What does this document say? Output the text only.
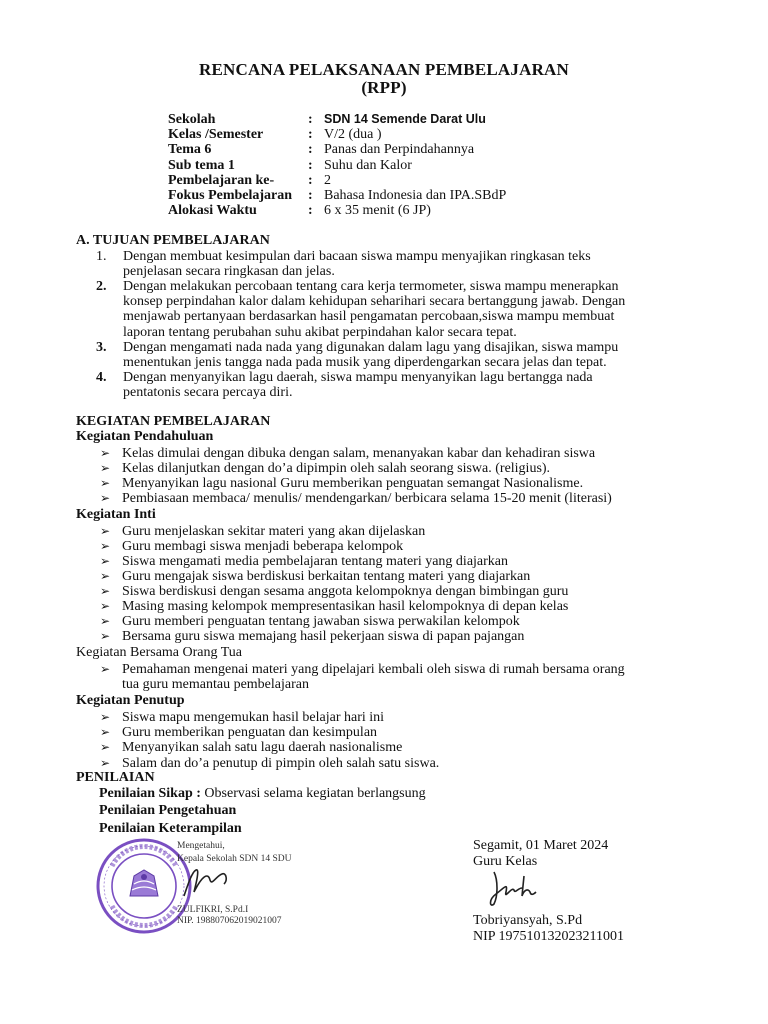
RENCANA PELAKSANAAN PEMBELAJARAN
(RPP)
Sekolah	: SDN 14 Semende Darat Ulu
Kelas /Semester	: V/2 (dua )
Tema 6	: Panas dan Perpindahannya
Sub tema 1	: Suhu dan Kalor
Pembelajaran ke-	: 2
Fokus Pembelajaran	: Bahasa Indonesia dan IPA.SBdP
Alokasi Waktu	: 6 x 35 menit (6 JP)
A. TUJUAN PEMBELAJARAN
1.	Dengan membuat kesimpulan dari bacaan siswa mampu menyajikan ringkasan teks
penjelasan secara ringkasan dan jelas.
2.	Dengan melakukan percobaan tentang cara kerja termometer, siswa mampu menerapkan
konsep perpindahan kalor dalam kehidupan seharihari secara bertanggung jawab. Dengan
menjawab pertanyaan berdasarkan hasil pengamatan percobaan,siswa mampu membuat
laporan tentang perubahan suhu akibat perpindahan kalor secara tepat.
3.	Dengan mengamati nada nada yang digunakan dalam lagu yang disajikan, siswa mampu
menentukan jenis tangga nada pada musik yang diperdengarkan secara jelas dan tepat.
4.	Dengan menyanyikan lagu daerah, siswa mampu menyanyikan lagu bertangga nada
pentatonis secara percaya diri.
KEGIATAN PEMBELAJARAN
Kegiatan Pendahuluan
➢ Kelas dimulai dengan dibuka dengan salam, menanyakan kabar dan kehadiran siswa
➢ Kelas dilanjutkan dengan do’a dipimpin oleh salah seorang siswa. (religius).
➢ Menyanyikan lagu nasional Guru memberikan penguatan semangat Nasionalisme.
➢ Pembiasaan membaca/ menulis/ mendengarkan/ berbicara selama 15-20 menit (literasi)
Kegiatan Inti
➢ Guru menjelaskan sekitar materi yang akan dijelaskan
➢ Guru membagi siswa menjadi beberapa kelompok
➢ Siswa mengamati media pembelajaran tentang materi yang diajarkan
➢ Guru mengajak siswa berdiskusi berkaitan tentang materi yang diajarkan
➢ Siswa berdiskusi dengan sesama anggota kelompoknya dengan bimbingan guru
➢ Masing masing kelompok mempresentasikan hasil kelompoknya di depan kelas
➢ Guru memberi penguatan tentang jawaban siswa perwakilan kelompok
➢ Bersama guru siswa memajang hasil pekerjaan siswa di papan pajangan
Kegiatan Bersama Orang Tua
➢ Pemahaman mengenai materi yang dipelajari kembali oleh siswa di rumah bersama orang
tua guru memantau pembelajaran
Kegiatan Penutup
➢ Siswa mapu mengemukan hasil belajar hari ini
➢ Guru memberikan penguatan dan kesimpulan
➢ Menyanyikan salah satu lagu daerah nasionalisme
➢ Salam dan do’a penutup di pimpin oleh salah satu siswa.
PENILAIAN
Penilaian Sikap : Observasi selama kegiatan berlangsung
Penilaian Pengetahuan
Penilaian Keterampilan
Mengetahui,
Kepala Sekolah SDN 14 SDU
ZULFIKRI, S.Pd.I
NIP. 198807062019021007
Segamit, 01 Maret 2024
Guru Kelas
Tobriyansyah, S.Pd
NIP 197510132023211001
